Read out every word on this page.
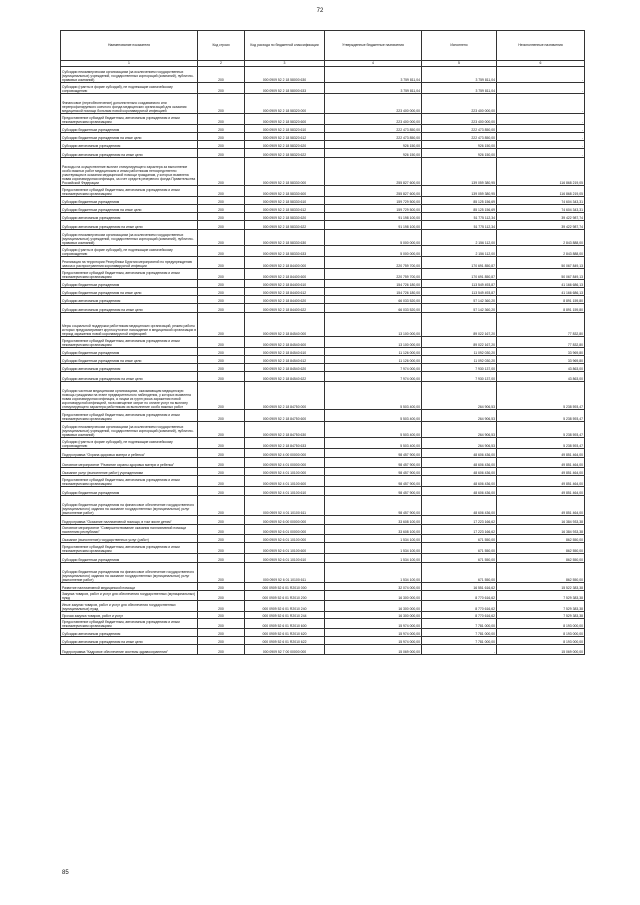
72
Наименование показателя	Код строки	Код расхода по бюджетной классификации	Утвержденные бюджетные назначения	Исполнено	Неисполненные назначения
1	2	3	4	5	6
Субсидии некоммерческим организациям (за исключением государственных (муниципальных) учреждений, государственных корпораций (компаний), публично-правовых компаний)	200	000 0909 52 2 18 58000 630	3 759 811,04	3 759 811,04	-
Субсидии (гранты в форме субсидий), не подлежащие казначейскому сопровождению	200	000 0909 52 2 18 58000 633	3 759 811,04	3 759 811,04	-
Финансовое (переобеспечение) дополнительно создаваемого или перепрофилируемого коечного фонда медицинских организаций для оказания медицинской помощи больным новой коронавирусной инфекцией	200	000 0909 52 2 18 58320 000	223 400 000,00	223 400 000,00	-
Предоставление субсидий бюджетным, автономным учреждениям и иным некоммерческим организациям	200	000 0909 52 2 18 58320 600	223 400 000,00	223 400 000,00	-
Субсидии бюджетным учреждениям	200	000 0909 52 2 18 58320 610	222 473 850,00	222 473 850,00	-
Субсидии бюджетным учреждениям на иные цели	200	000 0909 52 2 18 58320 612	222 473 850,00	222 473 850,00	-
Субсидии автономным учреждениям	200	000 0909 52 2 18 58320 620	926 150,00	926 150,00	-
Субсидии автономным учреждениям на иные цели	200	000 0909 52 2 18 58320 622	926 150,00	926 150,00	-
Расходы на осуществление выплат стимулирующего характера за выполнение особо важных работ медицинским и иным работникам непосредственно участвующим в оказании медицинской помощи гражданам, у которых выявлена новая коронавирусная инфекция, за счет средств резервного фонда Правительства Российской Федерации	200	000 0909 52 2 18 58330 000	255 827 600,00	139 059 380,95	116 868 219,05
Предоставление субсидий бюджетным, автономным учреждениям и иным некоммерческим организациям	200	000 0909 52 2 18 58330 600	255 827 600,00	139 059 380,95	116 868 219,05
Субсидии бюджетным учреждениям	200	000 0909 52 2 18 58330 610	159 729 500,00	85 125 156,69	74 604 343,31
Субсидии бюджетным учреждениям на иные цели	200	000 0909 52 2 18 58330 612	159 729 500,00	85 125 156,69	74 604 343,31
Субсидии автономным учреждениям	200	000 0909 52 2 18 58330 620	91 198 100,00	51 775 112,34	39 422 987,74
Субсидии автономным учреждениям на иные цели	200	000 0909 52 2 18 58330 622	91 198 100,00	51 775 112,34	39 422 987,74
Субсидии некоммерческим организациям (за исключением государственных (муниципальных) учреждений, государственных корпораций (компаний), публично-правовых компаний)	200	000 0909 52 2 18 58330 630	5 000 000,00	2 156 112,00	2 843 888,00
Субсидии (гранты в форме субсидий), не подлежащие казначейскому сопровождению	200	000 0909 52 2 18 58330 633	5 000 000,00	2 156 112,00	2 843 888,00
Реализация на территории Республики Бурятия мероприятий по предупреждению завоза и распространения коронавирусной инфекции	200	000 0909 52 2 18 84400 000	220 759 700,00	170 691 850,87	50 067 849,13
Предоставление субсидий бюджетным, автономным учреждениям и иным некоммерческим организациям	200	000 0909 52 2 18 84400 600	220 759 700,00	170 691 850,87	50 067 849,13
Субсидии бюджетным учреждениям	200	000 0909 52 2 18 84400 610	154 726 180,00	113 549 493,87	41 166 686,13
Субсидии бюджетным учреждениям на иные цели	200	000 0909 52 2 18 84400 612	154 726 180,00	113 549 493,87	41 166 686,13
Субсидии автономным учреждениям	200	000 0909 52 2 18 84400 620	66 033 520,00	57 142 360,20	8 891 159,80
Субсидии автономным учреждениям на иные цели	200	000 0909 52 2 18 84400 622	66 033 520,00	57 142 360,20	8 891 159,80
Меры социальной поддержки работникам медицинских организаций, режим работы которых предусматривает круглосуточное нахождение в медицинской организации в период заражения новой коронавирусной инфекцией	200	000 0909 52 2 18 84540 000	13 100 000,00	89 022 167,20	77 832,80
Предоставление субсидий бюджетным, автономным учреждениям и иным некоммерческим организациям	200	000 0909 52 2 18 84540 600	13 100 000,00	89 022 167,20	77 832,80
Субсидии бюджетным учреждениям	200	000 0909 52 2 18 84540 610	11 126 000,00	11 092 030,20	33 969,80
Субсидии бюджетным учреждениям на иные цели	200	000 0909 52 2 18 84540 612	11 126 000,00	11 092 030,20	33 969,80
Субсидии автономным учреждениям	200	000 0909 52 2 18 84540 620	7 974 000,00	7 930 137,00	43 863,00
Субсидии автономным учреждениям на иные цели	200	000 0909 52 2 18 84540 622	7 974 000,00	7 930 137,00	43 863,00
Субсидии частным медицинским организациям, оказывающим медицинскую помощь гражданам на этапе предварительного наблюдения, у которых выявлена новая коронавирусная инфекция, а лицам из групп риска заражения новой коронавирусной инфекцией, на возмещение затрат по оплате услуг на выплату стимулирующего характера работникам за выполнение особо важных работ	200	000 0909 52 2 18 84750 000	5 503 400,00	264 906,53	5 238 593,47
Предоставление субсидий бюджетным, автономным учреждениям и иным некоммерческим организациям	200	000 0909 52 2 18 84750 600	5 503 400,00	264 906,53	5 238 593,47
Субсидии некоммерческим организациям (за исключением государственных (муниципальных) учреждений, государственных корпораций (компаний), публично-правовых компаний)	200	000 0909 52 2 18 84750 630	5 503 400,00	264 906,53	5 238 593,47
Субсидии (гранты в форме субсидий), не подлежащие казначейскому сопровождению	200	000 0909 52 2 18 84750 633	5 503 400,00	264 906,53	5 238 593,47
Подпрограмма "Охрана здоровья матери и ребенка"	200	000 0909 52 4 00 00000 000	98 457 900,00	48 606 436,00	49 851 464,00
Основное мероприятие "Развитие охраны здоровья матери и ребенка"	200	000 0909 52 4 01 00000 000	98 457 900,00	48 606 436,00	49 851 464,00
Оказание услуг (выполнение работ) учреждениями	200	000 0909 52 4 01 10100 000	98 457 900,00	48 606 436,00	49 851 464,00
Предоставление субсидий бюджетным, автономным учреждениям и иным некоммерческим организациям	200	000 0909 52 4 01 10100 600	98 457 900,00	48 606 436,00	49 851 464,00
Субсидии бюджетным учреждениям	200	000 0909 52 4 01 10100 610	98 457 900,00	48 606 436,00	49 851 464,00
Субсидии бюджетным учреждениям на финансовое обеспечение государственного (муниципального) задания на оказание государственных (муниципальных) услуг (выполнение работ)	200	000 0909 52 4 01 10100 611	98 457 900,00	48 606 436,00	49 851 464,00
Подпрограмма "Оказание паллиативной помощи, в том числе детям"	200	000 0909 52 6 00 00000 000	33 608 100,00	17 223 166,62	16 384 933,38
Основное мероприятие "Совершенствование оказания паллиативной помощи населению республики"	200	000 0909 52 6 01 00000 000	33 608 100,00	17 223 166,62	16 384 933,38
Оказание (выполнение) государственных услуг (работ)	200	000 0909 52 6 01 10100 000	1 534 100,00	671 550,00	862 550,00
Предоставление субсидий бюджетным, автономным учреждениям и иным некоммерческим организациям	200	000 0909 52 6 01 10100 600	1 534 100,00	671 550,00	862 550,00
Субсидии бюджетным учреждениям	200	000 0909 52 6 01 10100 610	1 534 100,00	671 550,00	862 550,00
Субсидии бюджетным учреждениям на финансовое обеспечение государственного (муниципального) задания на оказание государственных (муниципальных) услуг (выполнение работ)	200	000 0909 52 6 01 10100 611	1 534 100,00	671 550,00	862 550,00
Развитие паллиативной медицинской помощи	200	000 0909 52 6 01 R2010 000	32 074 000,00	16 551 616,62	15 522 383,38
Закупка товаров, работ и услуг для обеспечения государственных (муниципальных) нужд	200	000 0909 52 6 01 R2010 200	16 300 000,00	8 770 616,62	7 529 383,38
Иные закупки товаров, работ и услуг для обеспечения государственных (муниципальных) нужд	200	000 0909 52 6 01 R2010 240	16 300 000,00	8 770 616,62	7 529 383,38
Прочая закупка товаров, работ и услуг	200	000 0909 52 6 01 R2010 244	16 300 000,00	8 770 616,62	7 529 383,38
Предоставление субсидий бюджетным, автономным учреждениям и иным некоммерческим организациям	200	000 0909 52 6 01 R2010 600	15 974 000,00	7 781 000,00	8 193 000,00
Субсидии автономным учреждениям	200	000 0909 52 6 01 R2010 620	15 974 000,00	7 781 000,00	8 193 000,00
Субсидии автономным учреждениям на иные цели	200	000 0909 52 6 01 R2010 622	15 974 000,00	7 781 000,00	8 193 000,00
Подпрограмма "Кадровое обеспечение системы здравоохранения"	200	000 0909 52 7 00 00000 000	15 069 000,00	-	15 069 000,00
85
